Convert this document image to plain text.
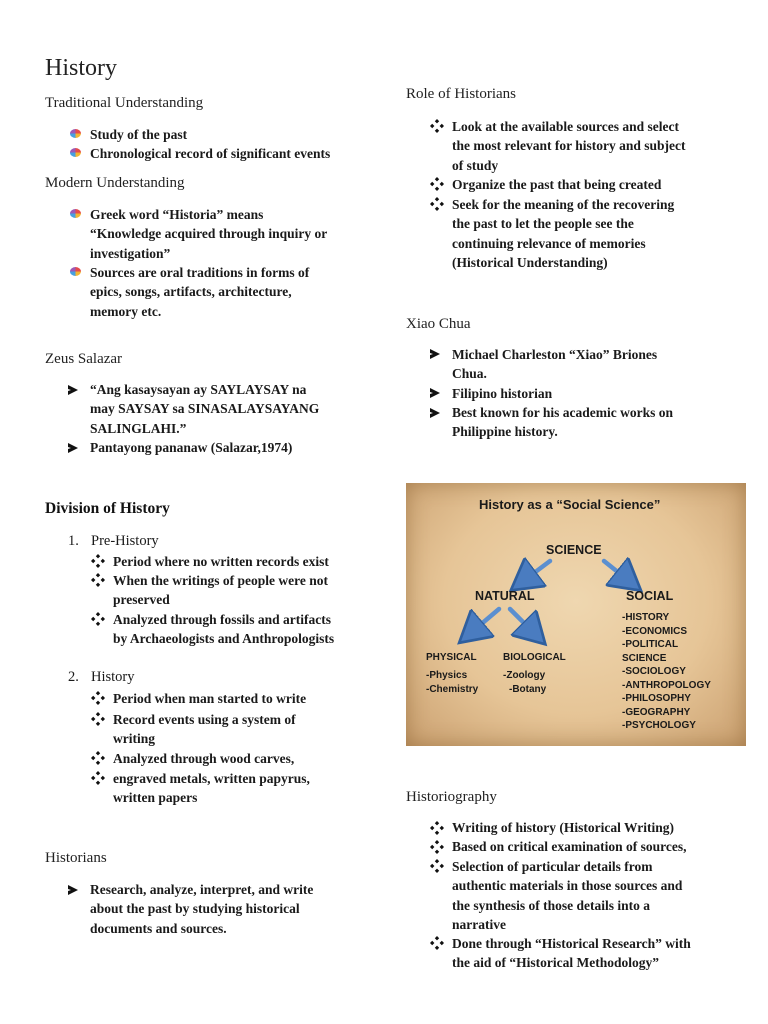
History
Traditional Understanding
Study of the past
Chronological record of significant events
Modern Understanding
Greek word “Historia” means
“Knowledge acquired through inquiry or
investigation”
Sources are oral traditions in forms of
epics, songs, artifacts, architecture,
memory etc.
Zeus Salazar
“Ang kasaysayan ay SAYLAYSAY na
may SAYSAY sa SINASALAYSAYANG
SALINGLAHI.”
Pantayong pananaw (Salazar,1974)
Division of History
1. Pre-History
Period where no written records exist
When the writings of people were not
preserved
Analyzed through fossils and artifacts
by Archaeologists and Anthropologists
2. History
Period when man started to write
Record events using a system of
writing
Analyzed through wood carves,
engraved metals, written papyrus,
written papers
Historians
Research, analyze, interpret, and write
about the past by studying historical
documents and sources.
Role of Historians
Look at the available sources and select
the most relevant for history and subject
of study
Organize the past that being created
Seek for the meaning of the recovering
the past to let the people see the
continuing relevance of memories
(Historical Understanding)
Xiao Chua
Michael Charleston “Xiao” Briones
Chua.
Filipino historian
Best known for his academic works on
Philippine history.
History as a “Social Science”
SCIENCE
NATURAL	SOCIAL
PHYSICAL
-Physics
-Chemistry
BIOLOGICAL
-Zoology
-Botany
-HISTORY
-ECONOMICS
-POLITICAL
SCIENCE
-SOCIOLOGY
-ANTHROPOLOGY
-PHILOSOPHY
-GEOGRAPHY
-PSYCHOLOGY
Historiography
Writing of history (Historical Writing)
Based on critical examination of sources,
Selection of particular details from
authentic materials in those sources and
the synthesis of those details into a
narrative
Done through “Historical Research” with
the aid of “Historical Methodology”
